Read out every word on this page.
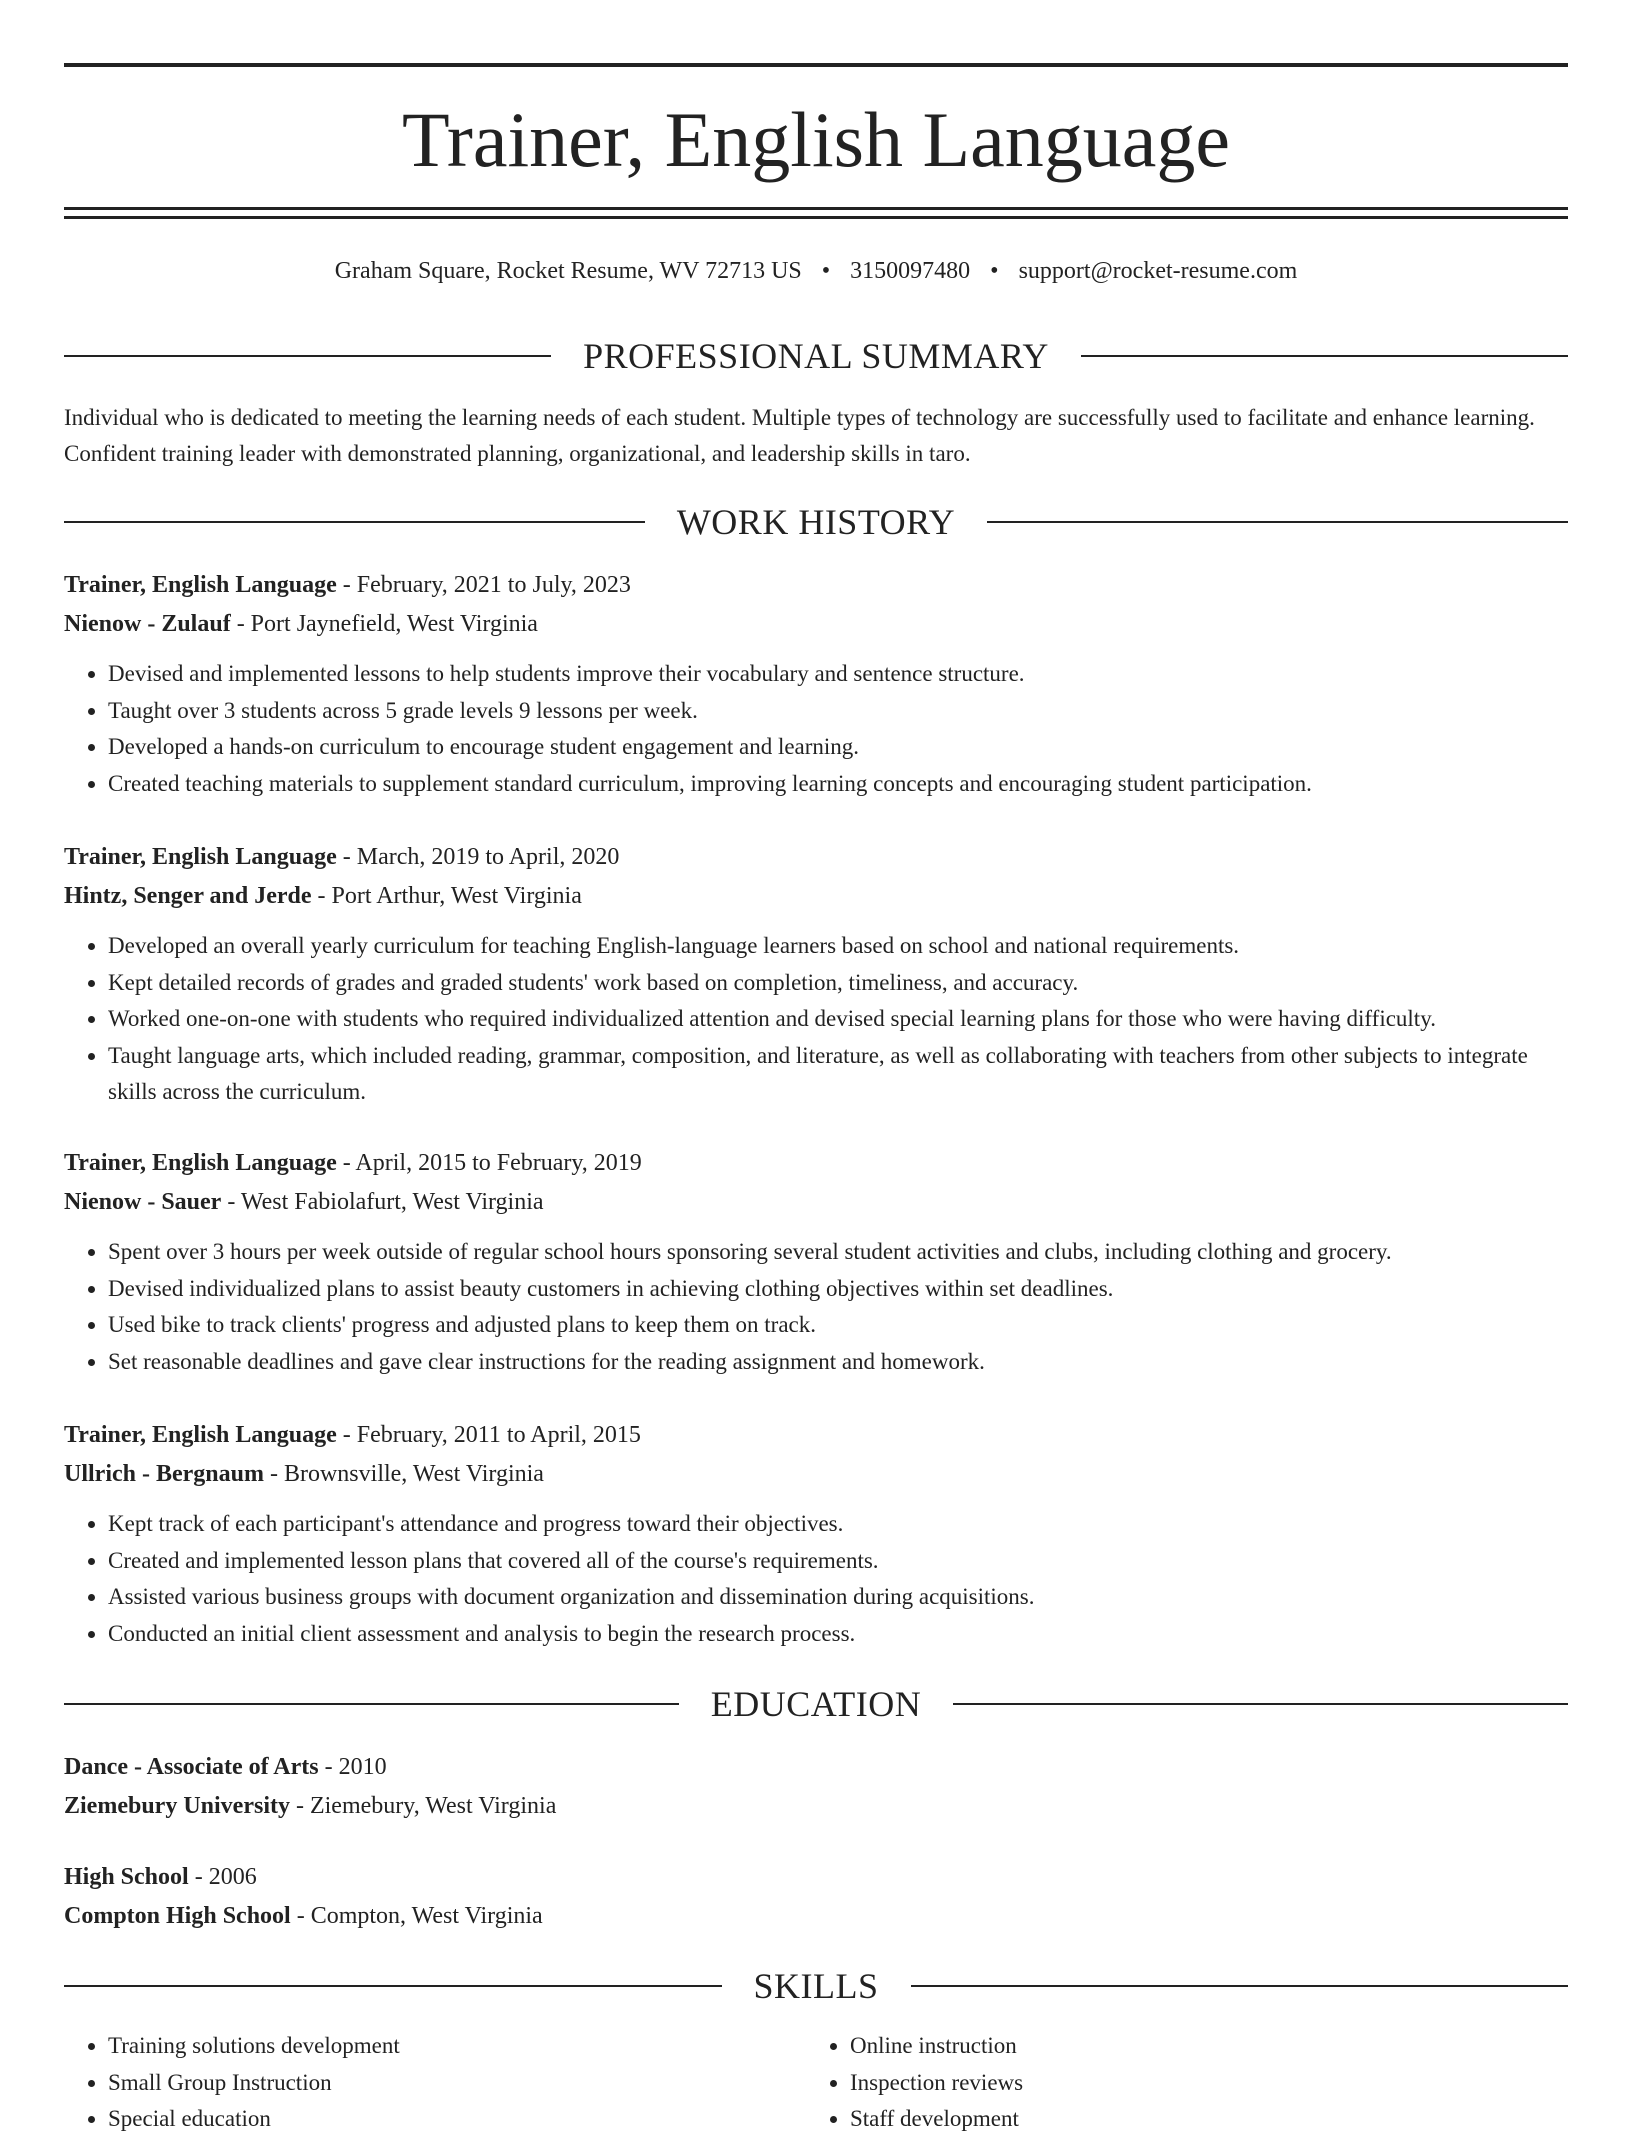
Trainer, English Language
Graham Square, Rocket Resume, WV 72713 US • 3150097480 • support@rocket-resume.com
PROFESSIONAL SUMMARY
Individual who is dedicated to meeting the learning needs of each student. Multiple types of technology are successfully used to facilitate and enhance learning. Confident training leader with demonstrated planning, organizational, and leadership skills in taro.
WORK HISTORY
Trainer, English Language - February, 2021 to July, 2023
Nienow - Zulauf - Port Jaynefield, West Virginia
• Devised and implemented lessons to help students improve their vocabulary and sentence structure.
• Taught over 3 students across 5 grade levels 9 lessons per week.
• Developed a hands-on curriculum to encourage student engagement and learning.
• Created teaching materials to supplement standard curriculum, improving learning concepts and encouraging student participation.
Trainer, English Language - March, 2019 to April, 2020
Hintz, Senger and Jerde - Port Arthur, West Virginia
• Developed an overall yearly curriculum for teaching English-language learners based on school and national requirements.
• Kept detailed records of grades and graded students' work based on completion, timeliness, and accuracy.
• Worked one-on-one with students who required individualized attention and devised special learning plans for those who were having difficulty.
• Taught language arts, which included reading, grammar, composition, and literature, as well as collaborating with teachers from other subjects to integrate skills across the curriculum.
Trainer, English Language - April, 2015 to February, 2019
Nienow - Sauer - West Fabiolafurt, West Virginia
• Spent over 3 hours per week outside of regular school hours sponsoring several student activities and clubs, including clothing and grocery.
• Devised individualized plans to assist beauty customers in achieving clothing objectives within set deadlines.
• Used bike to track clients' progress and adjusted plans to keep them on track.
• Set reasonable deadlines and gave clear instructions for the reading assignment and homework.
Trainer, English Language - February, 2011 to April, 2015
Ullrich - Bergnaum - Brownsville, West Virginia
• Kept track of each participant's attendance and progress toward their objectives.
• Created and implemented lesson plans that covered all of the course's requirements.
• Assisted various business groups with document organization and dissemination during acquisitions.
• Conducted an initial client assessment and analysis to begin the research process.
EDUCATION
Dance - Associate of Arts - 2010
Ziemebury University - Ziemebury, West Virginia
High School - 2006
Compton High School - Compton, West Virginia
SKILLS
• Training solutions development
• Small Group Instruction
• Special education
• Online instruction
• Inspection reviews
• Staff development
